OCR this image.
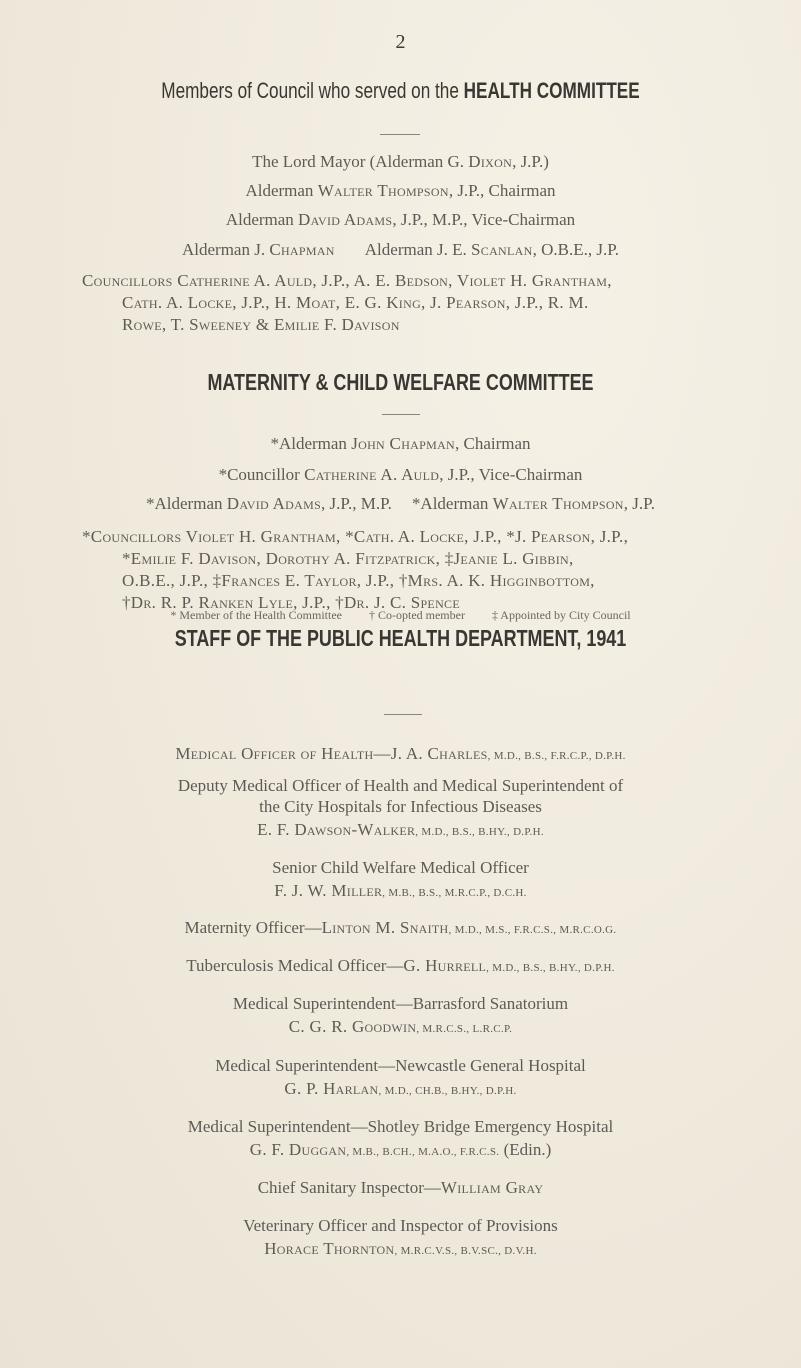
2
Members of Council who served on the HEALTH COMMITTEE
The Lord Mayor (Alderman G. Dixon, J.P.)
Alderman Walter Thompson, J.P., Chairman
Alderman David Adams, J.P., M.P., Vice-Chairman
Alderman J. Chapman Alderman J. E. Scanlan, O.B.E., J.P.
Councillors Catherine A. Auld, J.P., A. E. Bedson, Violet H. Grantham,
Cath. A. Locke, J.P., H. Moat, E. G. King, J. Pearson, J.P., R. M.
Rowe, T. Sweeney & Emilie F. Davison
MATERNITY & CHILD WELFARE COMMITTEE
*Alderman John Chapman, Chairman
*Councillor Catherine A. Auld, J.P., Vice-Chairman
*Alderman David Adams, J.P., M.P. *Alderman Walter Thompson, J.P.
*Councillors Violet H. Grantham, *Cath. A. Locke, J.P., *J. Pearson, J.P.,
*Emilie F. Davison, Dorothy A. Fitzpatrick, ‡Jeanie L. Gibbin,
O.B.E., J.P., ‡Frances E. Taylor, J.P., †Mrs. A. K. Higginbottom,
†Dr. R. P. Ranken Lyle, J.P., †Dr. J. C. Spence
* Member of the Health Committee † Co-opted member ‡ Appointed by City Council
STAFF OF THE PUBLIC HEALTH DEPARTMENT, 1941
Medical Officer of Health—J. A. Charles, M.D., B.S., F.R.C.P., D.P.H.
Deputy Medical Officer of Health and Medical Superintendent of
the City Hospitals for Infectious Diseases
E. F. Dawson-Walker, M.D., B.S., B.HY., D.P.H.
Senior Child Welfare Medical Officer
F. J. W. Miller, M.B., B.S., M.R.C.P., D.C.H.
Maternity Officer—Linton M. Snaith, M.D., M.S., F.R.C.S., M.R.C.O.G.
Tuberculosis Medical Officer—G. Hurrell, M.D., B.S., B.HY., D.P.H.
Medical Superintendent—Barrasford Sanatorium
C. G. R. Goodwin, M.R.C.S., L.R.C.P.
Medical Superintendent—Newcastle General Hospital
G. P. Harlan, M.D., CH.B., B.HY., D.P.H.
Medical Superintendent—Shotley Bridge Emergency Hospital
G. F. Duggan, M.B., B.CH., M.A.O., F.R.C.S. (Edin.)
Chief Sanitary Inspector—William Gray
Veterinary Officer and Inspector of Provisions
Horace Thornton, M.R.C.V.S., B.V.SC., D.V.H.
